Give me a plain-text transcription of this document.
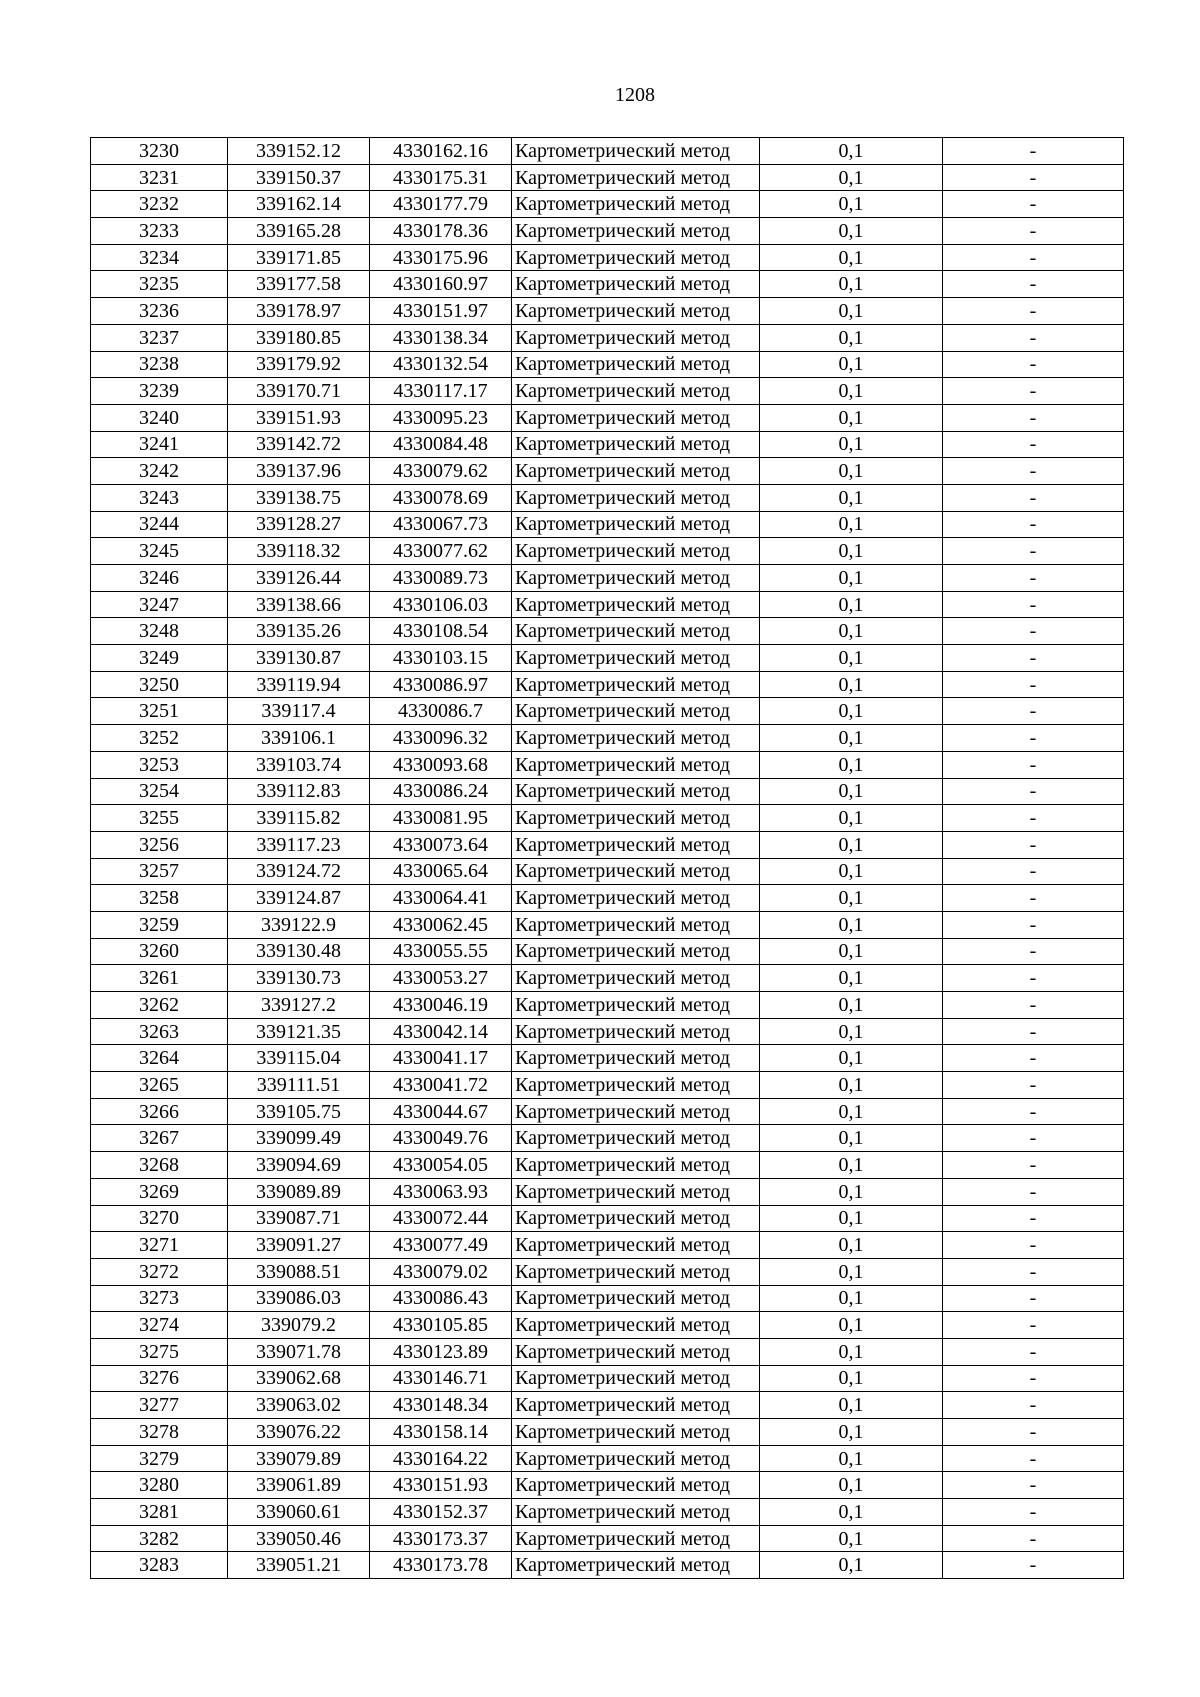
1208
3230	339152.12	4330162.16	Картометрический метод	0,1	-
3231	339150.37	4330175.31	Картометрический метод	0,1	-
3232	339162.14	4330177.79	Картометрический метод	0,1	-
3233	339165.28	4330178.36	Картометрический метод	0,1	-
3234	339171.85	4330175.96	Картометрический метод	0,1	-
3235	339177.58	4330160.97	Картометрический метод	0,1	-
3236	339178.97	4330151.97	Картометрический метод	0,1	-
3237	339180.85	4330138.34	Картометрический метод	0,1	-
3238	339179.92	4330132.54	Картометрический метод	0,1	-
3239	339170.71	4330117.17	Картометрический метод	0,1	-
3240	339151.93	4330095.23	Картометрический метод	0,1	-
3241	339142.72	4330084.48	Картометрический метод	0,1	-
3242	339137.96	4330079.62	Картометрический метод	0,1	-
3243	339138.75	4330078.69	Картометрический метод	0,1	-
3244	339128.27	4330067.73	Картометрический метод	0,1	-
3245	339118.32	4330077.62	Картометрический метод	0,1	-
3246	339126.44	4330089.73	Картометрический метод	0,1	-
3247	339138.66	4330106.03	Картометрический метод	0,1	-
3248	339135.26	4330108.54	Картометрический метод	0,1	-
3249	339130.87	4330103.15	Картометрический метод	0,1	-
3250	339119.94	4330086.97	Картометрический метод	0,1	-
3251	339117.4	4330086.7	Картометрический метод	0,1	-
3252	339106.1	4330096.32	Картометрический метод	0,1	-
3253	339103.74	4330093.68	Картометрический метод	0,1	-
3254	339112.83	4330086.24	Картометрический метод	0,1	-
3255	339115.82	4330081.95	Картометрический метод	0,1	-
3256	339117.23	4330073.64	Картометрический метод	0,1	-
3257	339124.72	4330065.64	Картометрический метод	0,1	-
3258	339124.87	4330064.41	Картометрический метод	0,1	-
3259	339122.9	4330062.45	Картометрический метод	0,1	-
3260	339130.48	4330055.55	Картометрический метод	0,1	-
3261	339130.73	4330053.27	Картометрический метод	0,1	-
3262	339127.2	4330046.19	Картометрический метод	0,1	-
3263	339121.35	4330042.14	Картометрический метод	0,1	-
3264	339115.04	4330041.17	Картометрический метод	0,1	-
3265	339111.51	4330041.72	Картометрический метод	0,1	-
3266	339105.75	4330044.67	Картометрический метод	0,1	-
3267	339099.49	4330049.76	Картометрический метод	0,1	-
3268	339094.69	4330054.05	Картометрический метод	0,1	-
3269	339089.89	4330063.93	Картометрический метод	0,1	-
3270	339087.71	4330072.44	Картометрический метод	0,1	-
3271	339091.27	4330077.49	Картометрический метод	0,1	-
3272	339088.51	4330079.02	Картометрический метод	0,1	-
3273	339086.03	4330086.43	Картометрический метод	0,1	-
3274	339079.2	4330105.85	Картометрический метод	0,1	-
3275	339071.78	4330123.89	Картометрический метод	0,1	-
3276	339062.68	4330146.71	Картометрический метод	0,1	-
3277	339063.02	4330148.34	Картометрический метод	0,1	-
3278	339076.22	4330158.14	Картометрический метод	0,1	-
3279	339079.89	4330164.22	Картометрический метод	0,1	-
3280	339061.89	4330151.93	Картометрический метод	0,1	-
3281	339060.61	4330152.37	Картометрический метод	0,1	-
3282	339050.46	4330173.37	Картометрический метод	0,1	-
3283	339051.21	4330173.78	Картометрический метод	0,1	-
